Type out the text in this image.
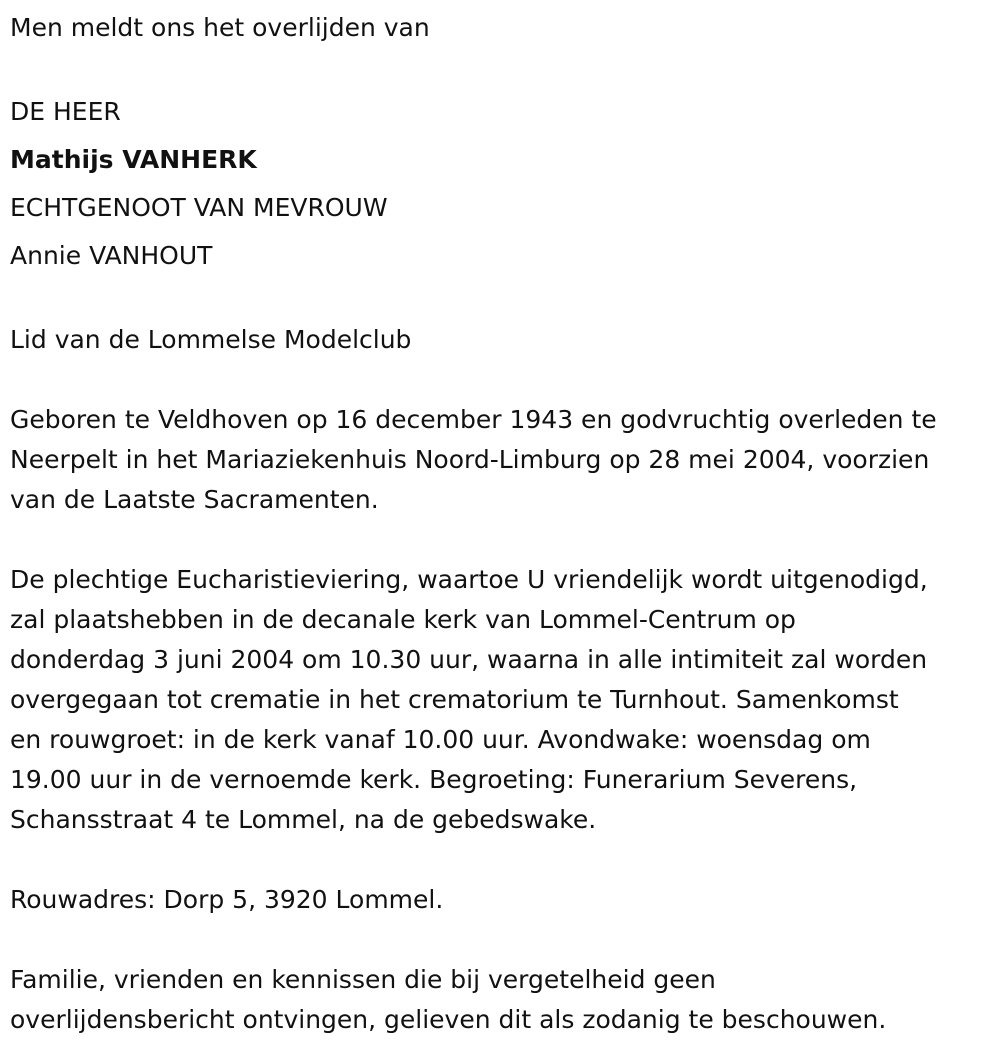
Men meldt ons het overlijden van

DE HEER

Mathijs VANHERK

ECHTGENOOT VAN MEVROUW

Annie VANHOUT

Lid van de Lommelse Modelclub

Geboren te Veldhoven op 16 december 1943 en godvruchtig overleden te
Neerpelt in het Mariaziekenhuis Noord-Limburg op 28 mei 2004, voorzien
van de Laatste Sacramenten.

De plechtige Eucharistieviering, waartoe U vriendelijk wordt uitgenodigd,
zal plaatshebben in de decanale kerk van Lommel-Centrum op
donderdag 3 juni 2004 om 10.30 uur, waarna in alle intimiteit zal worden
overgegaan tot crematie in het crematorium te Turnhout. Samenkomst
en rouwgroet: in de kerk vanaf 10.00 uur. Avondwake: woensdag om
19.00 uur in de vernoemde kerk. Begroeting: Funerarium Severens,
Schansstraat 4 te Lommel, na de gebedswake.

Rouwadres: Dorp 5, 3920 Lommel.

Familie, vrienden en kennissen die bij vergetelheid geen
overlijdensbericht ontvingen, gelieven dit als zodanig te beschouwen.
